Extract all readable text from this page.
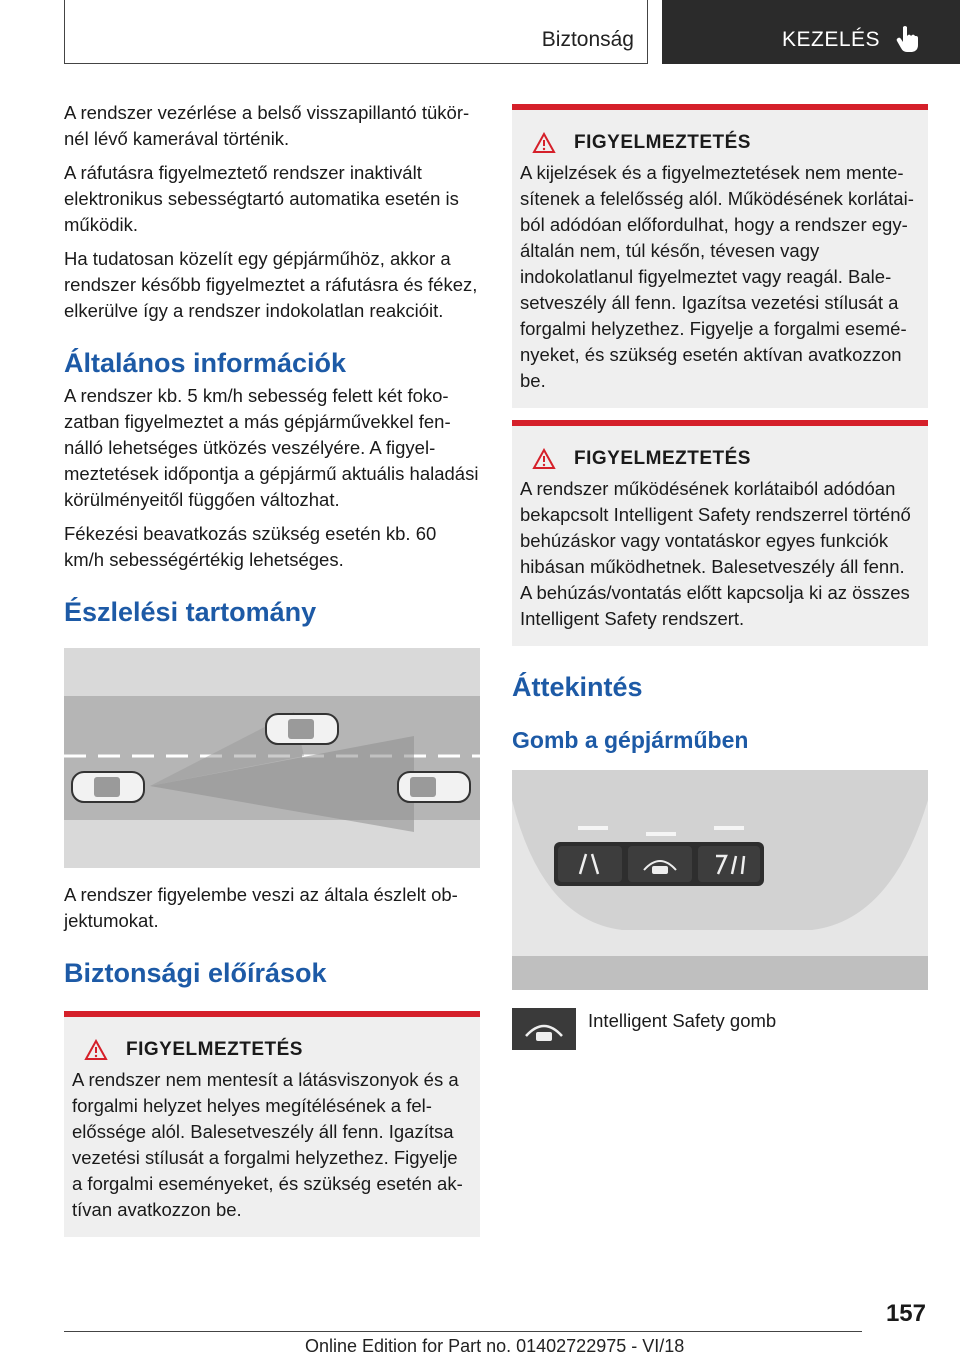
Biztonság	KEZELÉS

A rendszer vezérlése a belső visszapillantó tükörnél lévő kamerával történik.

A ráfutásra figyelmeztető rendszer inaktivált elektronikus sebességtartó automatika esetén is működik.

Ha tudatosan közelít egy gépjárműhöz, akkor a rendszer később figyelmeztet a ráfutásra és fékez, elkerülve így a rendszer indokolatlan reakcióit.

Általános információk

A rendszer kb. 5 km/h sebesség felett két fokozatban figyelmeztet a más gépjárművekkel fennálló lehetséges ütközés veszélyére. A figyelmeztetések időpontja a gépjármű aktuális haladási körülményeitől függően változhat.

Fékezési beavatkozás szükség esetén kb. 60 km/h sebességértékig lehetséges.

Észlelési tartomány

A rendszer figyelembe veszi az általa észlelt objektumokat.

Biztonsági előírások
FIGYELMEZTETÉS

A rendszer nem mentesít a látásviszonyok és a forgalmi helyzet helyes megítélésének a felelőssége alól. Balesetveszély áll fenn. Igazítsa vezetési stílusát a forgalmi helyzethez. Figyelje a forgalmi eseményeket, és szükség esetén aktívan avatkozzon be.

FIGYELMEZTETÉS

A kijelzések és a figyelmeztetések nem mentesítenek a felelősség alól. Működésének korlátaiból adódóan előfordulhat, hogy a rendszer egyáltalán nem, túl későn, tévesen vagy indokolatlanul figyelmeztet vagy reagál. Balesetveszély áll fenn. Igazítsa vezetési stílusát a forgalmi helyzethez. Figyelje a forgalmi eseményeket, és szükség esetén aktívan avatkozzon be.

FIGYELMEZTETÉS

A rendszer működésének korlátaiból adódóan bekapcsolt Intelligent Safety rendszerrel történő behúzáskor vagy vontatáskor egyes funkciók hibásan működhetnek. Balesetveszély áll fenn. A behúzás/vontatás előtt kapcsolja ki az összes Intelligent Safety rendszert.

Áttekintés
Gomb a gépjárműben

Intelligent Safety gomb

157
Online Edition for Part no. 01402722975 - VI/18
